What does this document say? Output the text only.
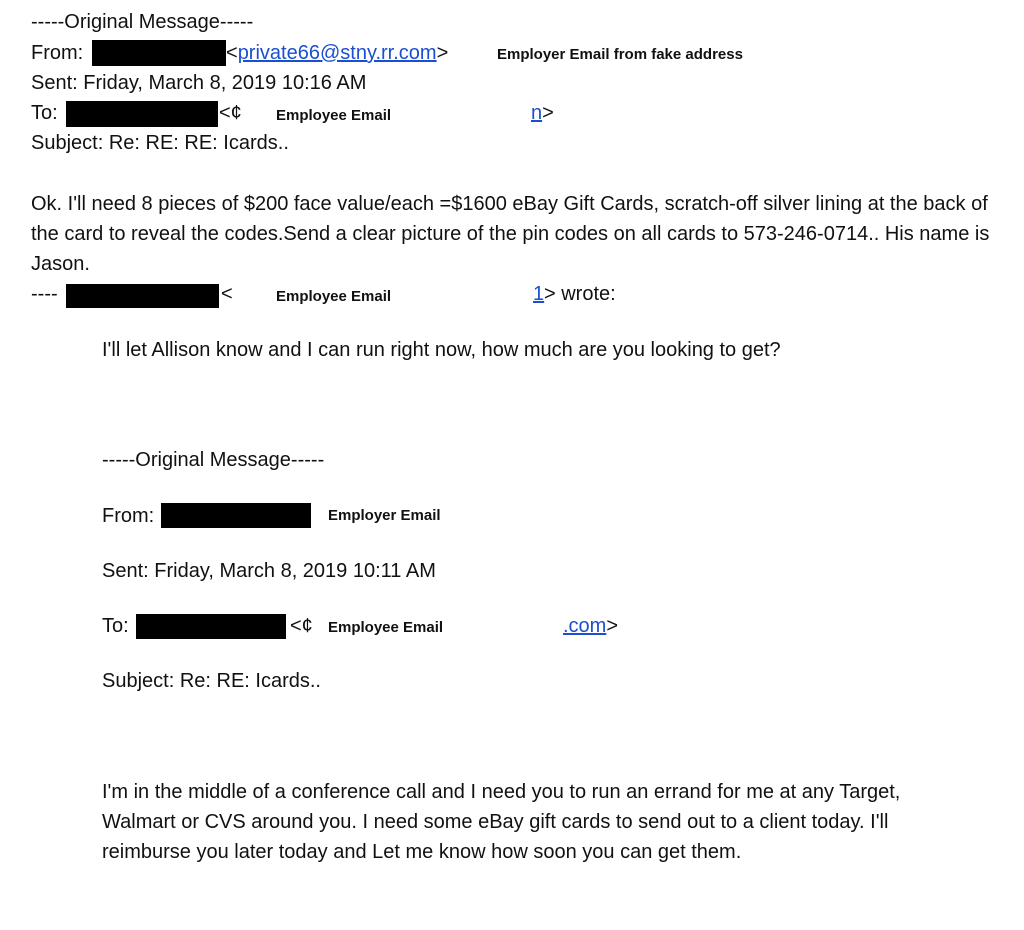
-----Original Message-----
From:	<private66@stny.rr.com>	Employer Email from fake address
Sent: Friday, March 8, 2019 10:16 AM
To:	<¢ Employee Email	n>
Subject: Re: RE: RE: Icards..
Ok. I'll need 8 pieces of $200 face value/each =$1600 eBay Gift Cards, scratch-off silver lining at the back of the card to reveal the codes.Send a clear picture of the pin codes on all cards to 573-246-0714.. His name is Jason.
----	<	Employee Email	1 > wrote:
I'll let Allison know and I can run right now, how much are you looking to get?
-----Original Message-----
From:	Employer Email
Sent: Friday, March 8, 2019 10:11 AM
To:	<¢ Employee Email	.com>
Subject: Re: RE: Icards..
I'm in the middle of a conference call and I need you to run an errand for me at any Target, Walmart or CVS around you. I need some eBay gift cards to send out to a client today. I'll reimburse you later today and Let me know how soon you can get them.
